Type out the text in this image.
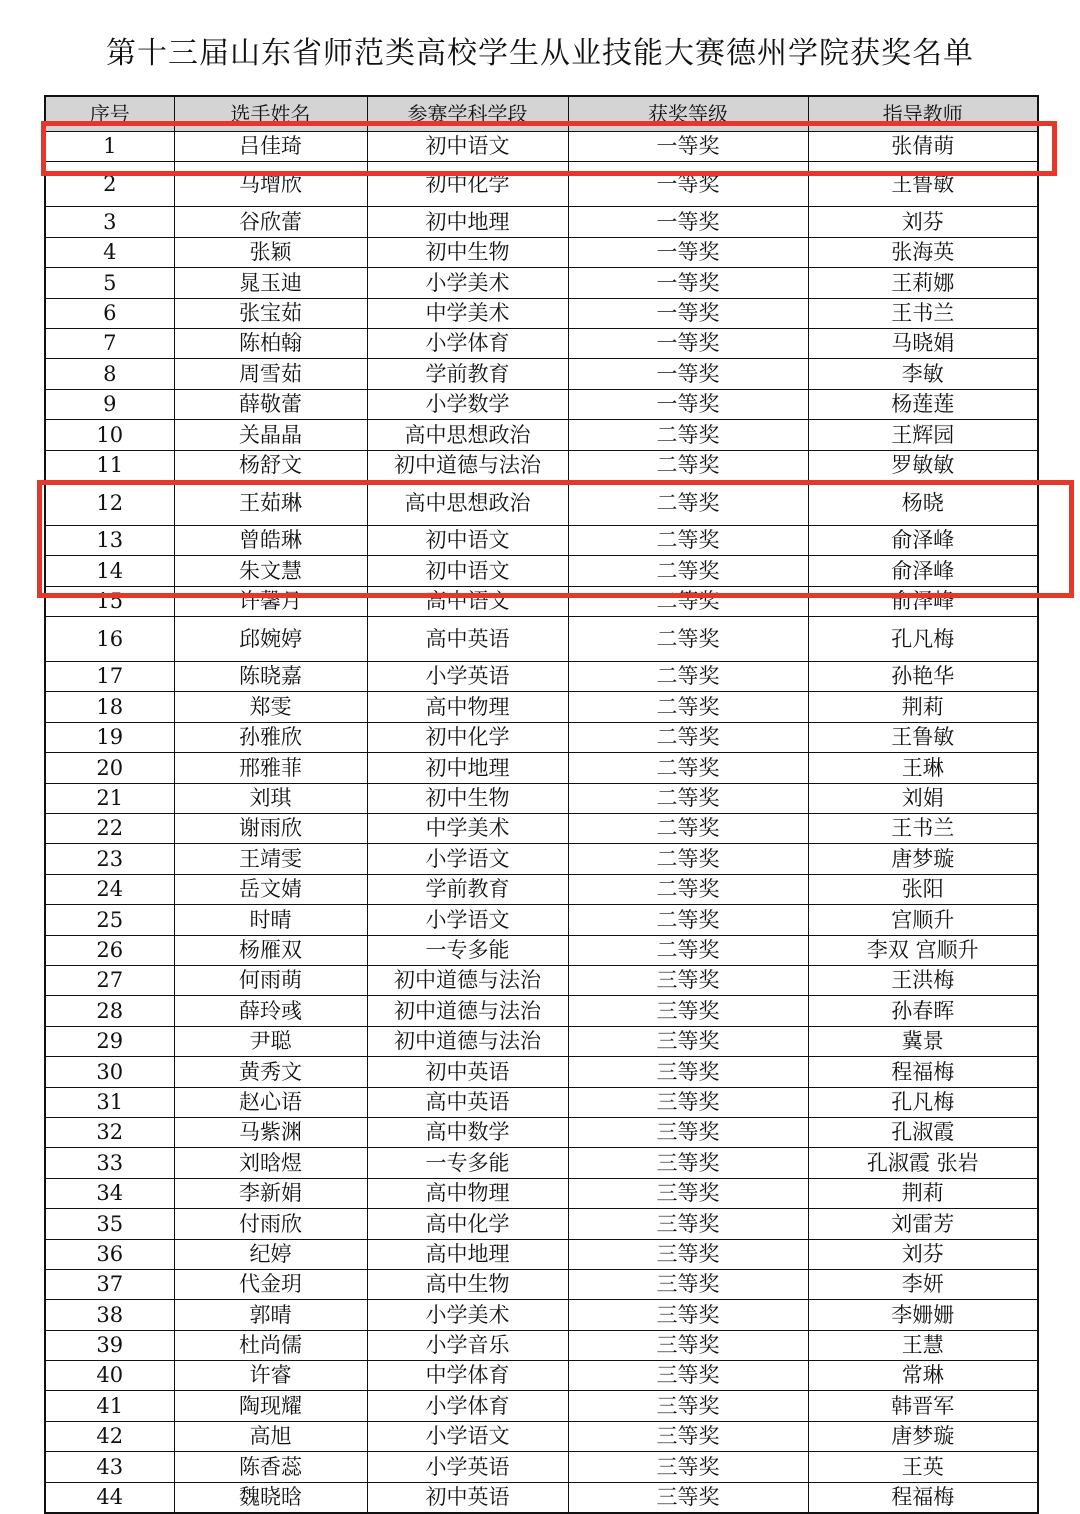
第十三届山东省师范类高校学生从业技能大赛德州学院获奖名单
序号	选手姓名	参赛学科学段	获奖等级	指导教师
1	吕佳琦	初中语文	一等奖	张倩萌
2	马增欣	初中化学	一等奖	王鲁敏
3	谷欣蕾	初中地理	一等奖	刘芬
4	张颖	初中生物	一等奖	张海英
5	晁玉迪	小学美术	一等奖	王莉娜
6	张宝茹	中学美术	一等奖	王书兰
7	陈柏翰	小学体育	一等奖	马晓娟
8	周雪茹	学前教育	一等奖	李敏
9	薛敬蕾	小学数学	一等奖	杨莲莲
10	关晶晶	高中思想政治	二等奖	王辉园
11	杨舒文	初中道德与法治	二等奖	罗敏敏
12	王茹琳	高中思想政治	二等奖	杨晓
13	曾皓琳	初中语文	二等奖	俞泽峰
14	朱文慧	初中语文	二等奖	俞泽峰
15	许馨月	高中语文	二等奖	俞泽峰
16	邱婉婷	高中英语	二等奖	孔凡梅
17	陈晓嘉	小学英语	二等奖	孙艳华
18	郑雯	高中物理	二等奖	荆莉
19	孙雅欣	初中化学	二等奖	王鲁敏
20	邢雅菲	初中地理	二等奖	王琳
21	刘琪	初中生物	二等奖	刘娟
22	谢雨欣	中学美术	二等奖	王书兰
23	王靖雯	小学语文	二等奖	唐梦璇
24	岳文婧	学前教育	二等奖	张阳
25	时晴	小学语文	二等奖	宫顺升
26	杨雁双	一专多能	二等奖	李双 宫顺升
27	何雨萌	初中道德与法治	三等奖	王洪梅
28	薛玲彧	初中道德与法治	三等奖	孙春晖
29	尹聪	初中道德与法治	三等奖	冀景
30	黄秀文	初中英语	三等奖	程福梅
31	赵心语	高中英语	三等奖	孔凡梅
32	马紫渊	高中数学	三等奖	孔淑霞
33	刘晗煜	一专多能	三等奖	孔淑霞 张岩
34	李新娟	高中物理	三等奖	荆莉
35	付雨欣	高中化学	三等奖	刘雷芳
36	纪婷	高中地理	三等奖	刘芬
37	代金玥	高中生物	三等奖	李妍
38	郭晴	小学美术	三等奖	李姗姗
39	杜尚儒	小学音乐	三等奖	王慧
40	许睿	中学体育	三等奖	常琳
41	陶现耀	小学体育	三等奖	韩晋军
42	高旭	小学语文	三等奖	唐梦璇
43	陈香蕊	小学英语	三等奖	王英
44	魏晓晗	初中英语	三等奖	程福梅
